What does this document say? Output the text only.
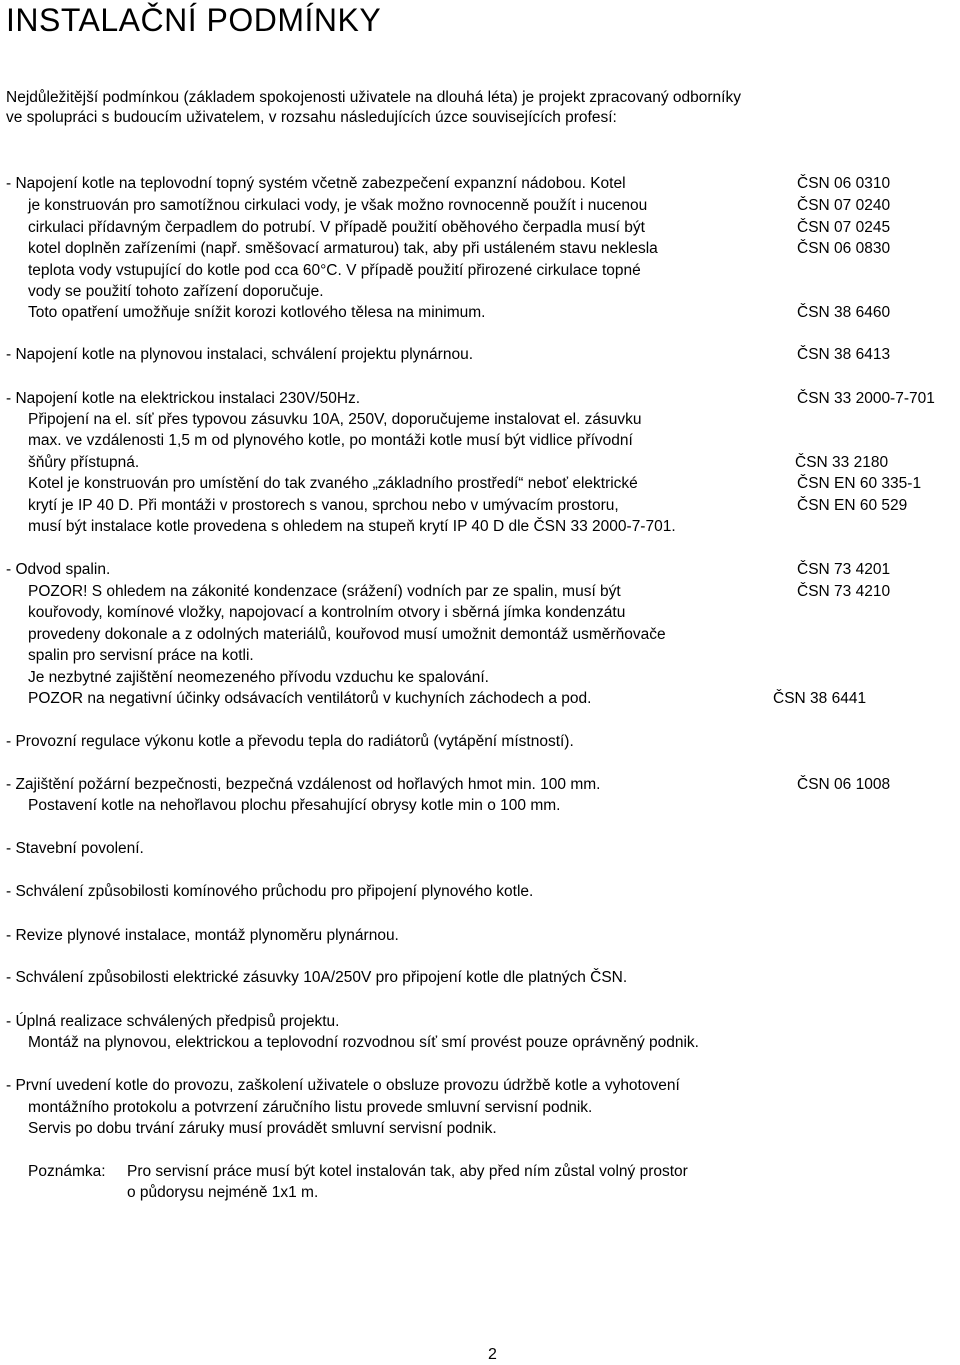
INSTALAČNÍ PODMÍNKY
Nejdůležitější podmínkou (základem spokojenosti uživatele na dlouhá léta) je projekt zpracovaný odborníky
ve spolupráci s budoucím uživatelem, v rozsahu následujících úzce souvisejících profesí:
- Napojení kotle na teplovodní topný systém včetně zabezpečení expanzní nádobou. Kotel
je konstruován pro samotížnou cirkulaci vody, je však možno rovnocenně použít i nucenou
cirkulaci přídavným čerpadlem do potrubí. V případě použití oběhového čerpadla musí být
kotel doplněn zařízeními (např. směšovací armaturou) tak, aby při ustáleném stavu neklesla
teplota vody vstupující do kotle pod cca 60°C. V případě použití přirozené cirkulace topné
vody se použití tohoto zařízení doporučuje.
Toto opatření umožňuje snížit korozi kotlového tělesa na minimum.
ČSN 06 0310
ČSN 07 0240
ČSN 07 0245
ČSN 06 0830
ČSN 38 6460
- Napojení kotle na plynovou instalaci, schválení projektu plynárnou.	ČSN 38 6413
- Napojení kotle na elektrickou instalaci 230V/50Hz.
Připojení na el. síť přes typovou zásuvku 10A, 250V, doporučujeme instalovat el. zásuvku
max. ve vzdálenosti 1,5 m od plynového kotle, po montáži kotle musí být vidlice přívodní
šňůry přístupná.
Kotel je konstruován pro umístění do tak zvaného „základního prostředí“ neboť elektrické
krytí je IP 40 D. Při montáži v prostorech s vanou, sprchou nebo v umývacím prostoru,
musí být instalace kotle provedena s ohledem na stupeň krytí IP 40 D dle ČSN 33 2000-7-701.
ČSN 33 2000-7-701
ČSN 33 2180
ČSN EN 60 335-1
ČSN EN 60 529
- Odvod spalin.
POZOR! S ohledem na zákonité kondenzace (srážení) vodních par ze spalin, musí být
kouřovody, komínové vložky, napojovací a kontrolním otvory i sběrná jímka kondenzátu
provedeny dokonale a z odolných materiálů, kouřovod musí umožnit demontáž usměrňovače
spalin pro servisní práce na kotli.
Je nezbytné zajištění neomezeného přívodu vzduchu ke spalování.
POZOR na negativní účinky odsávacích ventilátorů v kuchyních záchodech a pod.
ČSN 73 4201
ČSN 73 4210
ČSN 38 6441
- Provozní regulace výkonu kotle a převodu tepla do radiátorů (vytápění místností).
- Zajištění požární bezpečnosti, bezpečná vzdálenost od hořlavých hmot min. 100 mm.
Postavení kotle na nehořlavou plochu přesahující obrysy kotle min o 100 mm.
ČSN 06 1008
- Stavební povolení.
- Schválení způsobilosti komínového průchodu pro připojení plynového kotle.
- Revize plynové instalace, montáž plynoměru plynárnou.
- Schválení způsobilosti elektrické zásuvky 10A/250V pro připojení kotle dle platných ČSN.
- Úplná realizace schválených předpisů projektu.
Montáž na plynovou, elektrickou a teplovodní rozvodnou síť smí provést pouze oprávněný podnik.
- První uvedení kotle do provozu, zaškolení uživatele o obsluze provozu údržbě kotle a vyhotovení
montážního protokolu a potvrzení záručního listu provede smluvní servisní podnik.
Servis po dobu trvání záruky musí provádět smluvní servisní podnik.
Poznámka: Pro servisní práce musí být kotel instalován tak, aby před ním zůstal volný prostor
o půdorysu nejméně 1x1 m.
2
